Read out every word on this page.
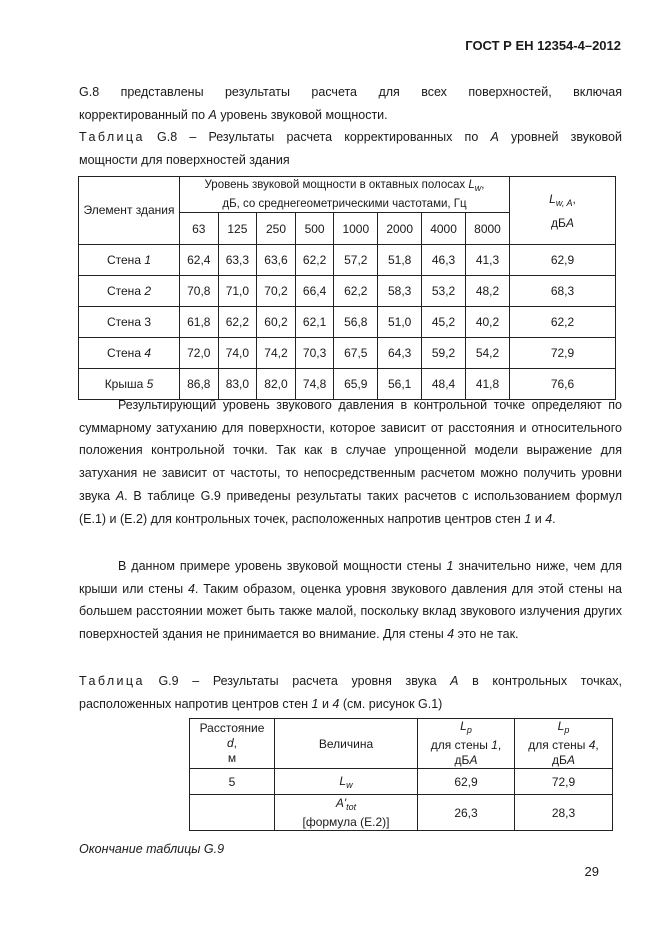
ГОСТ Р ЕН 12354-4–2012
G.8 представлены результаты расчета для всех поверхностей, включая
корректированный по А уровень звуковой мощности.
Таблица G.8 – Результаты расчета корректированных по А уровней звуковой
мощности для поверхностей здания
Элемент здания	Уровень звуковой мощности в октавных полосах $L_w$,
дБ, со среднегеометрическими частотами, Гц								$L_{w, A}$,
дБА
	63	125	250	500	1000	2000	4000	8000	
Стена 1	62,4	63,3	63,6	62,2	57,2	51,8	46,3	41,3	62,9
Стена 2	70,8	71,0	70,2	66,4	62,2	58,3	53,2	48,2	68,3
Стена 3	61,8	62,2	60,2	62,1	56,8	51,0	45,2	40,2	62,2
Стена 4	72,0	74,0	74,2	70,3	67,5	64,3	59,2	54,2	72,9
Крыша 5	86,8	83,0	82,0	74,8	65,9	56,1	48,4	41,8	76,6
Результирующий уровень звукового давления в контрольной точке определяют по суммарному затуханию для поверхности, которое зависит от расстояния и относительного положения контрольной точки. Так как в случае упрощенной модели выражение для затухания не зависит от частоты, то непосредственным расчетом можно получить уровни звука А. В таблице G.9 приведены результаты таких расчетов с использованием формул (Е.1) и (Е.2) для контрольных точек, расположенных напротив центров стен 1 и 4.
В данном примере уровень звуковой мощности стены 1 значительно ниже, чем для крыши или стены 4. Таким образом, оценка уровня звукового давления для этой стены на большем расстоянии может быть также малой, поскольку вклад звукового излучения других поверхностей здания не принимается во внимание. Для стены 4 это не так.
Таблица G.9 – Результаты расчета уровня звука А в контрольных точках,
расположенных напротив центров стен 1 и 4 (см. рисунок G.1)
Расстояние
d,
м	Величина	$L_p$
для стены 1,
дБА	$L_p$
для стены 4,
дБА
5	$L_w$	62,9	72,9
	$A'_{tot}$
[формула (Е.2)]	26,3	28,3
Окончание таблицы G.9
29
